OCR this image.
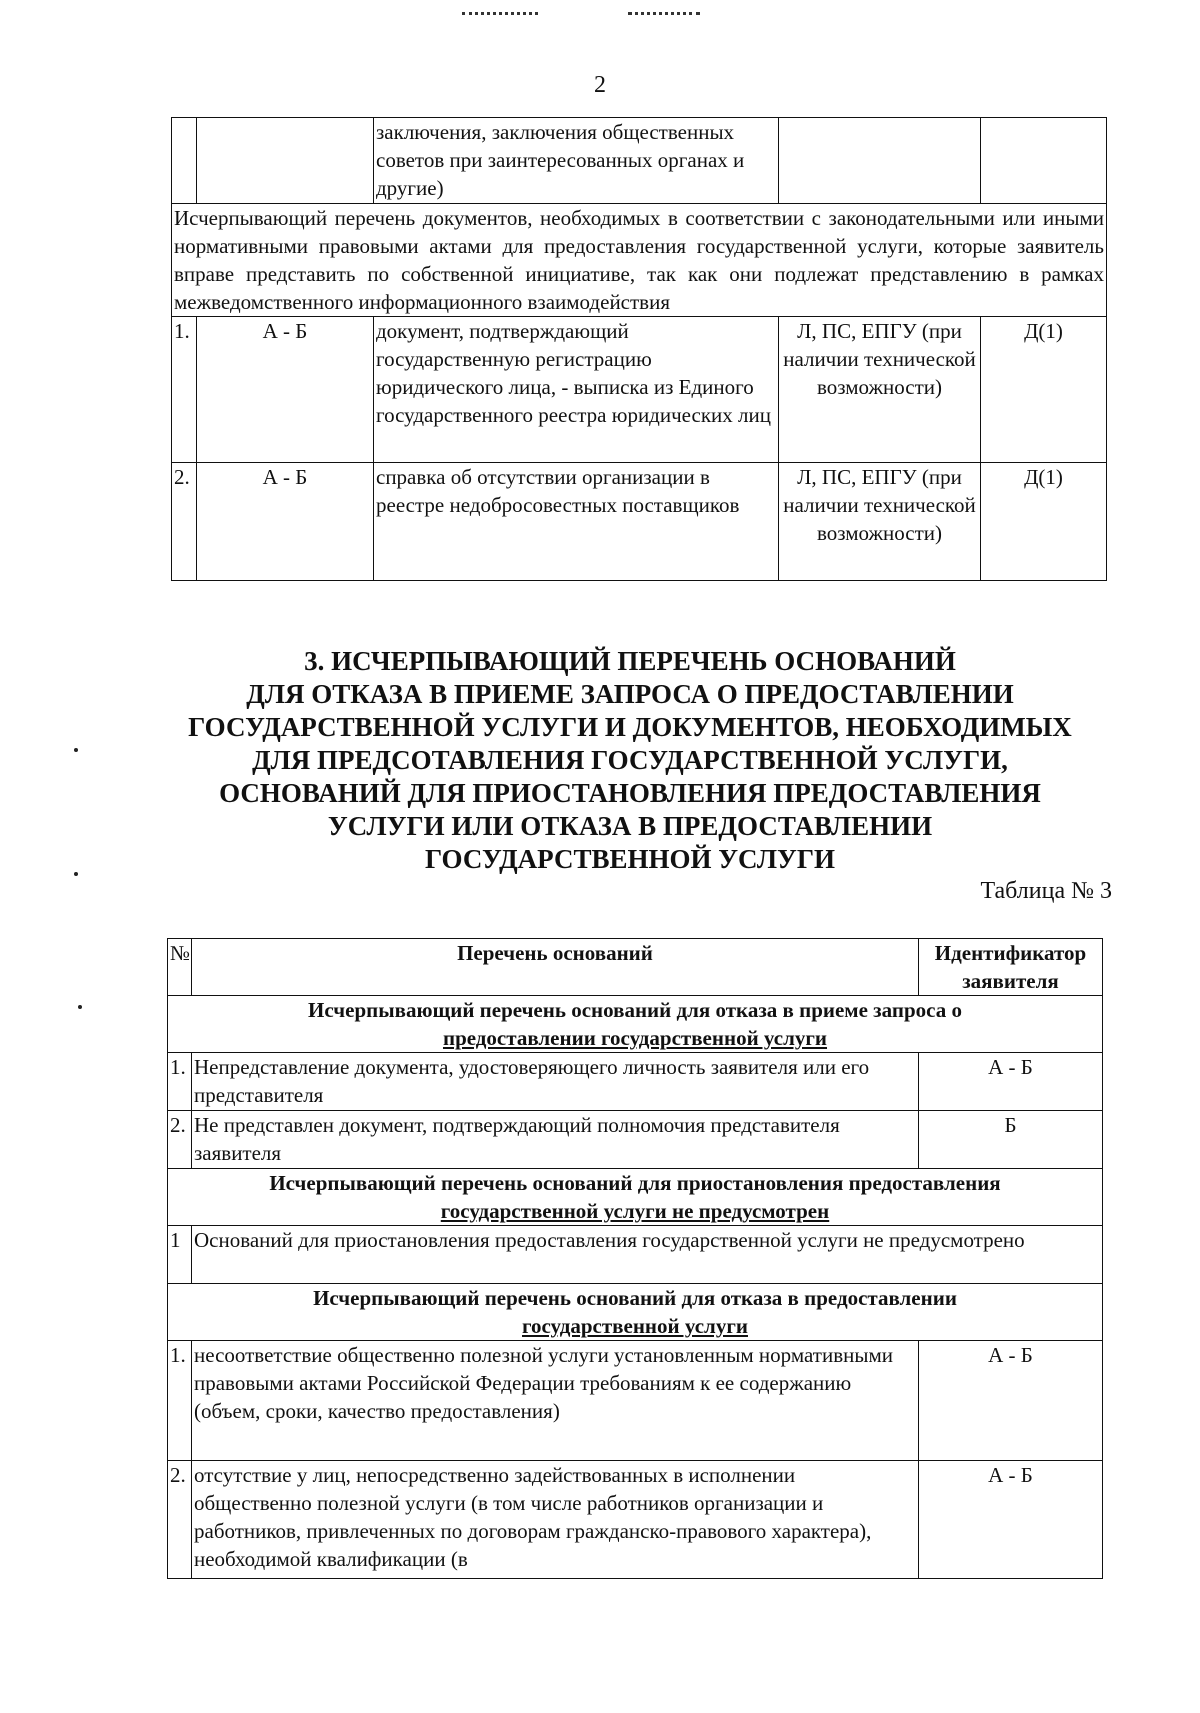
2
		заключения, заключения общественных советов при заинтересованных органах и другие)		
Исчерпывающий перечень документов, необходимых в соответствии с законодательными или иными нормативными правовыми актами для предоставления государственной услуги, которые заявитель вправе представить по собственной инициативе, так как они подлежат представлению в рамках межведомственного информационного взаимодействия				
1.	А - Б	документ, подтверждающий государственную регистрацию юридического лица, - выписка из Единого государственного реестра юридических лиц	Л, ПС, ЕПГУ (при наличии технической возможности)	Д(1)
2.	А - Б	справка об отсутствии организации в реестре недобросовестных поставщиков	Л, ПС, ЕПГУ (при наличии технической возможности)	Д(1)
3. ИСЧЕРПЫВАЮЩИЙ ПЕРЕЧЕНЬ ОСНОВАНИЙ
ДЛЯ ОТКАЗА В ПРИЕМЕ ЗАПРОСА О ПРЕДОСТАВЛЕНИИ
ГОСУДАРСТВЕННОЙ УСЛУГИ И ДОКУМЕНТОВ, НЕОБХОДИМЫХ
ДЛЯ ПРЕДСОТАВЛЕНИЯ ГОСУДАРСТВЕННОЙ УСЛУГИ,
ОСНОВАНИЙ ДЛЯ ПРИОСТАНОВЛЕНИЯ ПРЕДОСТАВЛЕНИЯ
УСЛУГИ ИЛИ ОТКАЗА В ПРЕДОСТАВЛЕНИИ
ГОСУДАРСТВЕННОЙ УСЛУГИ
Таблица № 3
№	Перечень оснований	Идентификатор заявителя

Исчерпывающий перечень оснований для отказа в приеме запроса о
предоставлении государственной услуги		

1.	Непредставление документа, удостоверяющего личность заявителя или его представителя	А - Б
2.	Не представлен документ, подтверждающий полномочия представителя заявителя	Б

Исчерпывающий перечень оснований для приостановления предоставления
государственной услуги не предусмотрен		

1	Оснований для приостановления предоставления государственной услуги не предусмотрено	

Исчерпывающий перечень оснований для отказа в предоставлении
государственной услуги		

1.	несоответствие общественно полезной услуги установленным нормативными правовыми актами Российской Федерации требованиям к ее содержанию (объем, сроки, качество предоставления)	А - Б
2.	отсутствие у лиц, непосредственно задействованных в исполнении общественно полезной услуги (в том числе работников организации и работников, привлеченных по договорам гражданско-правового характера), необходимой квалификации (в	А - Б
